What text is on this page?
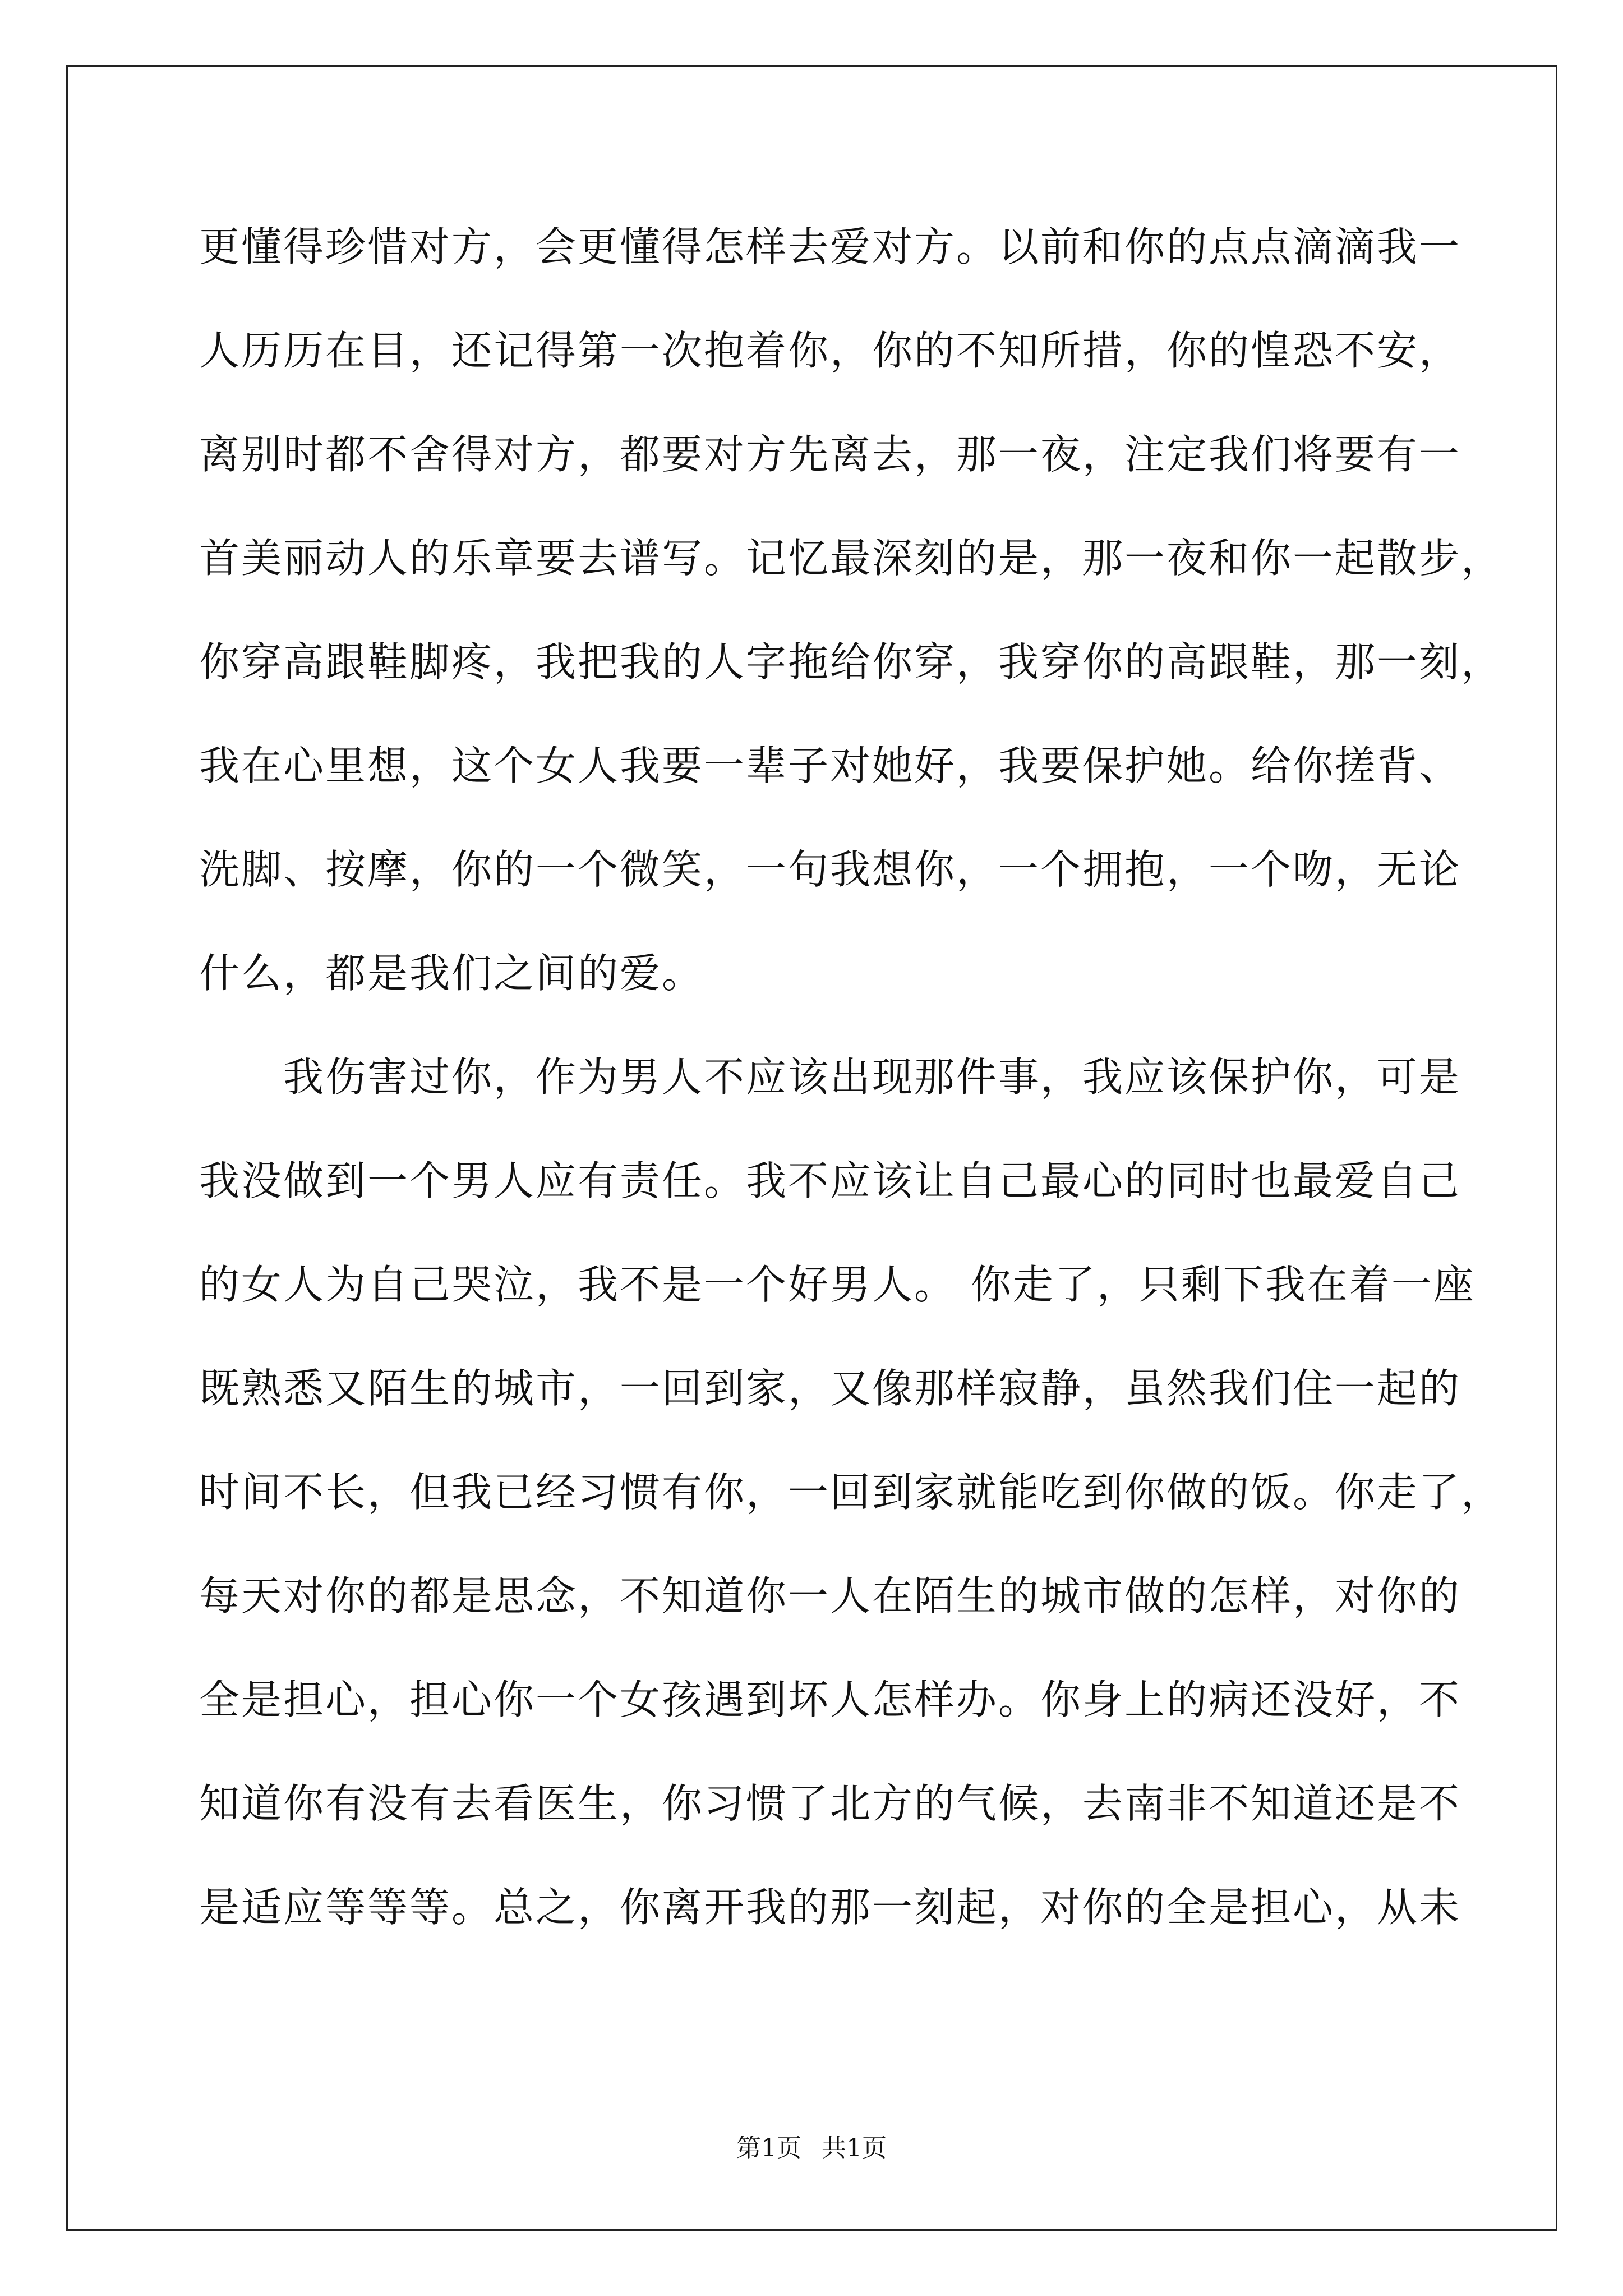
更懂得珍惜对方，会更懂得怎样去爱对方。以前和你的点点滴滴我一
人历历在目，还记得第一次抱着你，你的不知所措，你的惶恐不安，
离别时都不舍得对方，都要对方先离去，那一夜，注定我们将要有一
首美丽动人的乐章要去谱写。记忆最深刻的是，那一夜和你一起散步，
你穿高跟鞋脚疼，我把我的人字拖给你穿，我穿你的高跟鞋，那一刻，
我在心里想，这个女人我要一辈子对她好，我要保护她。给你搓背、
洗脚、按摩，你的一个微笑，一句我想你，一个拥抱，一个吻，无论
什么，都是我们之间的爱。
　　我伤害过你，作为男人不应该出现那件事，我应该保护你，可是
我没做到一个男人应有责任。我不应该让自己最心的同时也最爱自己
的女人为自己哭泣，我不是一个好男人。 你走了，只剩下我在着一座
既熟悉又陌生的城市，一回到家，又像那样寂静，虽然我们住一起的
时间不长，但我已经习惯有你，一回到家就能吃到你做的饭。你走了，
每天对你的都是思念，不知道你一人在陌生的城市做的怎样，对你的
全是担心，担心你一个女孩遇到坏人怎样办。你身上的病还没好，不
知道你有没有去看医生，你习惯了北方的气候，去南非不知道还是不
是适应等等等。总之，你离开我的那一刻起，对你的全是担心，从未
第1页 共1页
